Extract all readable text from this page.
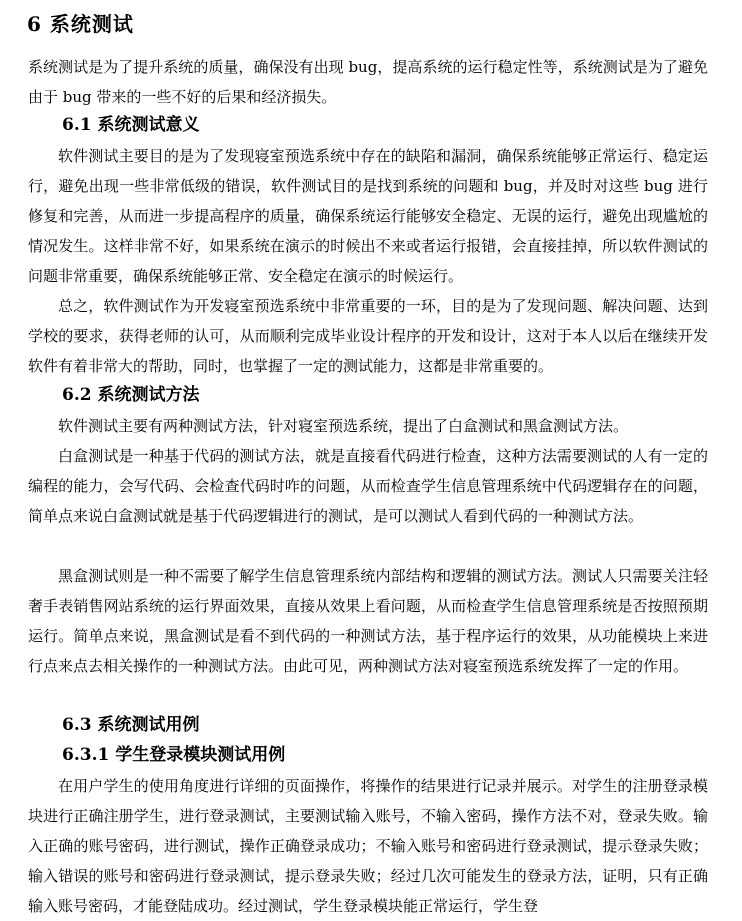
6 系统测试

系统测试是为了提升系统的质量，确保没有出现 bug，提高系统的运行稳定性等，系统测试是为了避免由于 bug 带来的一些不好的后果和经济损失。

6.1 系统测试意义

软件测试主要目的是为了发现寝室预选系统中存在的缺陷和漏洞，确保系统能够正常运行、稳定运行，避免出现一些非常低级的错误，软件测试目的是找到系统的问题和 bug，并及时对这些 bug 进行修复和完善，从而进一步提高程序的质量，确保系统运行能够安全稳定、无误的运行，避免出现尴尬的情况发生。这样非常不好，如果系统在演示的时候出不来或者运行报错，会直接挂掉，所以软件测试的问题非常重要，确保系统能够正常、安全稳定在演示的时候运行。

总之，软件测试作为开发寝室预选系统中非常重要的一环，目的是为了发现问题、解决问题、达到学校的要求，获得老师的认可，从而顺利完成毕业设计程序的开发和设计，这对于本人以后在继续开发软件有着非常大的帮助，同时，也掌握了一定的测试能力，这都是非常重要的。

6.2 系统测试方法

软件测试主要有两种测试方法，针对寝室预选系统，提出了白盒测试和黑盒测试方法。

白盒测试是一种基于代码的测试方法，就是直接看代码进行检查，这种方法需要测试的人有一定的编程的能力，会写代码、会检查代码时咋的问题，从而检查学生信息管理系统中代码逻辑存在的问题，简单点来说白盒测试就是基于代码逻辑进行的测试，是可以测试人看到代码的一种测试方法。

黑盒测试则是一种不需要了解学生信息管理系统内部结构和逻辑的测试方法。测试人只需要关注轻奢手表销售网站系统的运行界面效果，直接从效果上看问题，从而检查学生信息管理系统是否按照预期运行。简单点来说，黑盒测试是看不到代码的一种测试方法，基于程序运行的效果，从功能模块上来进行点来点去相关操作的一种测试方法。由此可见，两种测试方法对寝室预选系统发挥了一定的作用。

6.3 系统测试用例
6.3.1 学生登录模块测试用例

在用户学生的使用角度进行详细的页面操作，将操作的结果进行记录并展示。对学生的注册登录模块进行正确注册学生，进行登录测试，主要测试输入账号，不输入密码，操作方法不对，登录失败。输入正确的账号密码，进行测试，操作正确登录成功；不输入账号和密码进行登录测试，提示登录失败；输入错误的账号和密码进行登录测试，提示登录失败；经过几次可能发生的登录方法，证明，只有正确输入账号密码，才能登陆成功。经过测试，学生登录模块能正常运行，学生登
